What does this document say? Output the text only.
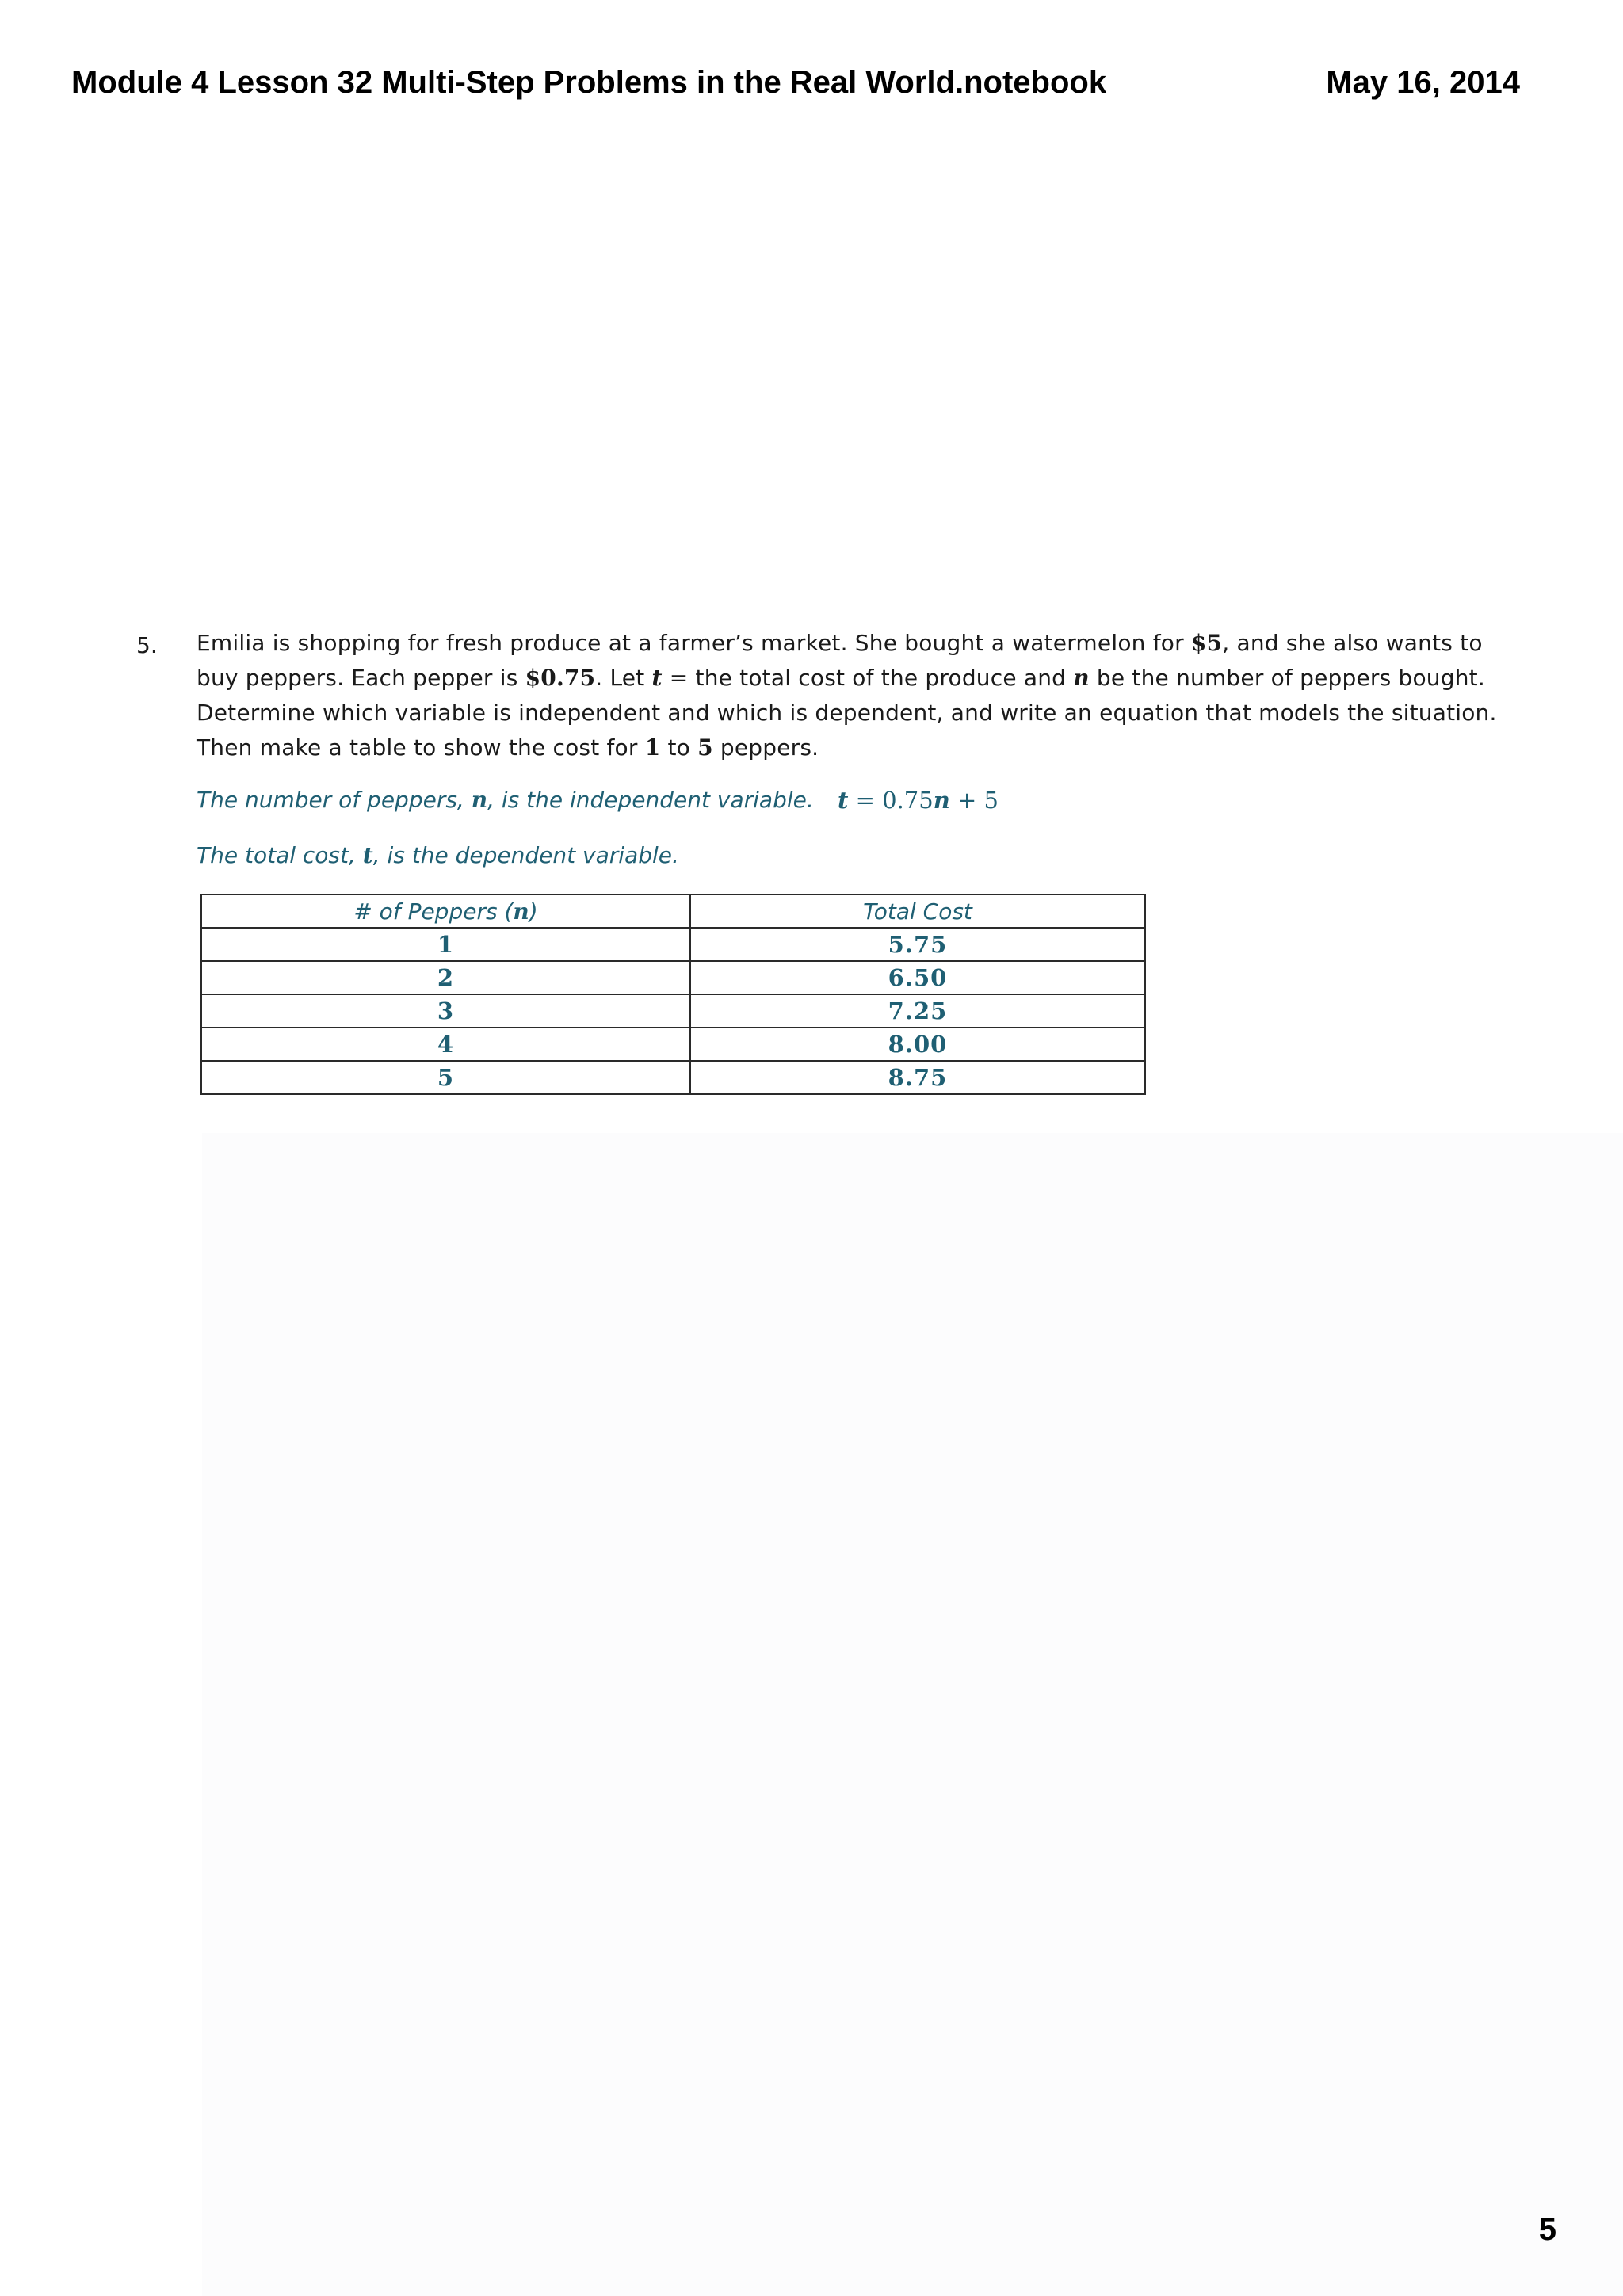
Module 4 Lesson 32 Multi-Step Problems in the Real World.notebook	May 16, 2014
5. Emilia is shopping for fresh produce at a farmer’s market. She bought a watermelon for $5, and she also wants to
buy peppers. Each pepper is $0.75. Let t = the total cost of the produce and n be the number of peppers bought.
Determine which variable is independent and which is dependent, and write an equation that models the situation.
Then make a table to show the cost for 1 to 5 peppers.
The number of peppers, n, is the independent variable. t = 0.75n + 5
The total cost, t, is the dependent variable.
# of Peppers (n)	Total Cost
1	5.75
2	6.50
3	7.25
4	8.00
5	8.75
5
